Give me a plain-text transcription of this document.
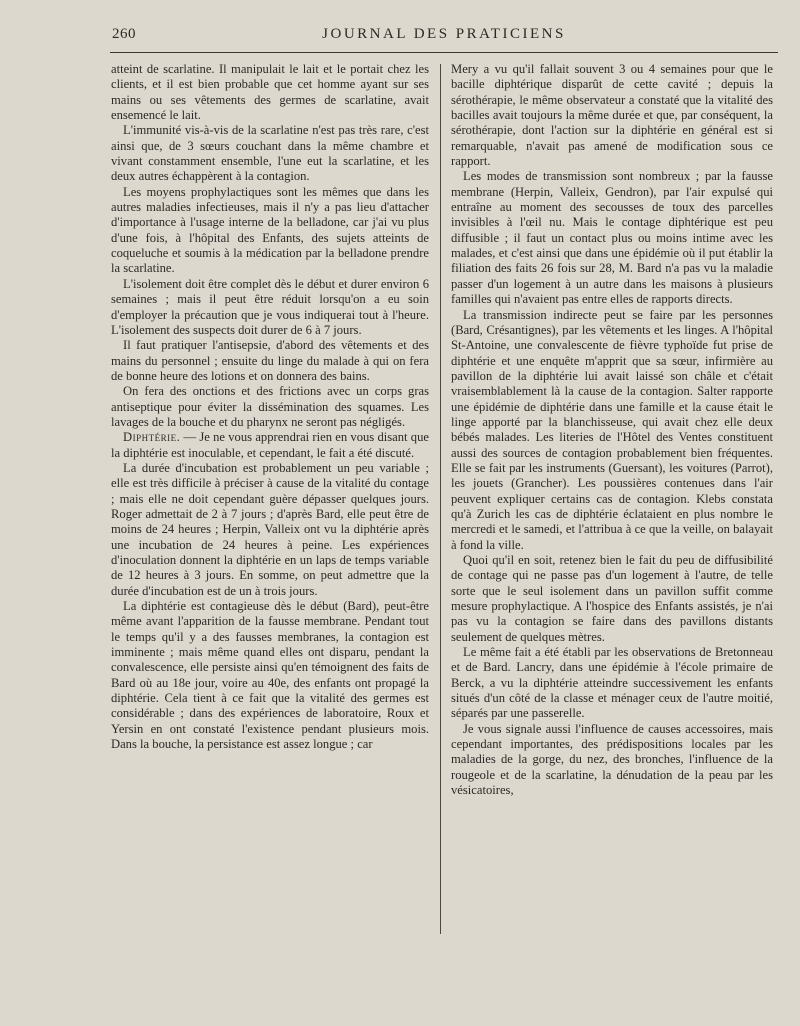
260	JOURNAL DES PRATICIENS

atteint de scarlatine. Il manipulait le lait et le portait chez les clients, et il est bien probable que cet homme ayant sur ses mains ou ses vêtements des germes de scarlatine, avait ensemencé le lait.

L'immunité vis-à-vis de la scarlatine n'est pas très rare, c'est ainsi que, de 3 sœurs couchant dans la même chambre et vivant constamment ensemble, l'une eut la scarlatine, et les deux autres échappèrent à la contagion.

Les moyens prophylactiques sont les mêmes que dans les autres maladies infectieuses, mais il n'y a pas lieu d'attacher d'importance à l'usage interne de la belladone, car j'ai vu plus d'une fois, à l'hôpital des Enfants, des sujets atteints de coqueluche et soumis à la médication par la belladone prendre la scarlatine.

L'isolement doit être complet dès le début et durer environ 6 semaines ; mais il peut être réduit lorsqu'on a eu soin d'employer la précaution que je vous indiquerai tout à l'heure. L'isolement des suspects doit durer de 6 à 7 jours.

Il faut pratiquer l'antisepsie, d'abord des vêtements et des mains du personnel ; ensuite du linge du malade à qui on fera de bonne heure des lotions et on donnera des bains.

On fera des onctions et des frictions avec un corps gras antiseptique pour éviter la dissémination des squames. Les lavages de la bouche et du pharynx ne seront pas négligés.

Diphtérie. — Je ne vous apprendrai rien en vous disant que la diphtérie est inoculable, et cependant, le fait a été discuté.

La durée d'incubation est probablement un peu variable ; elle est très difficile à préciser à cause de la vitalité du contage ; mais elle ne doit cependant guère dépasser quelques jours. Roger admettait de 2 à 7 jours ; d'après Bard, elle peut être de moins de 24 heures ; Herpin, Valleix ont vu la diphtérie après une incubation de 24 heures à peine. Les expériences d'inoculation donnent la diphtérie en un laps de temps variable de 12 heures à 3 jours. En somme, on peut admettre que la durée d'incubation est de un à trois jours.

La diphtérie est contagieuse dès le début (Bard), peut-être même avant l'apparition de la fausse membrane. Pendant tout le temps qu'il y a des fausses membranes, la contagion est imminente ; mais même quand elles ont disparu, pendant la convalescence, elle persiste ainsi qu'en témoignent des faits de Bard où au 18e jour, voire au 40e, des enfants ont propagé la diphtérie. Cela tient à ce fait que la vitalité des germes est considérable ; dans des expériences de laboratoire, Roux et Yersin en ont constaté l'existence pendant plusieurs mois. Dans la bouche, la persistance est assez longue ; car

Mery a vu qu'il fallait souvent 3 ou 4 semaines pour que le bacille diphtérique disparût de cette cavité ; depuis la sérothérapie, le même observateur a constaté que la vitalité des bacilles avait toujours la même durée et que, par conséquent, la sérothérapie, dont l'action sur la diphtérie en général est si remarquable, n'avait pas amené de modification sous ce rapport.

Les modes de transmission sont nombreux ; par la fausse membrane (Herpin, Valleix, Gendron), par l'air expulsé qui entraîne au moment des secousses de toux des parcelles invisibles à l'œil nu. Mais le contage diphtérique est peu diffusible ; il faut un contact plus ou moins intime avec les malades, et c'est ainsi que dans une épidémie où il put établir la filiation des faits 26 fois sur 28, M. Bard n'a pas vu la maladie passer d'un logement à un autre dans les maisons à plusieurs familles qui n'avaient pas entre elles de rapports directs.

La transmission indirecte peut se faire par les personnes (Bard, Crésantignes), par les vêtements et les linges. A l'hôpital St-Antoine, une convalescente de fièvre typhoïde fut prise de diphtérie et une enquête m'apprit que sa sœur, infirmière au pavillon de la diphtérie lui avait laissé son châle et c'était vraisemblablement là la cause de la contagion. Salter rapporte une épidémie de diphtérie dans une famille et la cause était le linge apporté par la blanchisseuse, qui avait chez elle deux bébés malades. Les literies de l'Hôtel des Ventes constituent aussi des sources de contagion probablement bien fréquentes. Elle se fait par les instruments (Guersant), les voitures (Parrot), les jouets (Grancher). Les poussières contenues dans l'air peuvent expliquer certains cas de contagion. Klebs constata qu'à Zurich les cas de diphtérie éclataient en plus nombre le mercredi et le samedi, et l'attribua à ce que la veille, on balayait à fond la ville.

Quoi qu'il en soit, retenez bien le fait du peu de diffusibilité de contage qui ne passe pas d'un logement à l'autre, de telle sorte que le seul isolement dans un pavillon suffit comme mesure prophylactique. A l'hospice des Enfants assistés, je n'ai pas vu la contagion se faire dans des pavillons distants seulement de quelques mètres.

Le même fait a été établi par les observations de Bretonneau et de Bard. Lancry, dans une épidémie à l'école primaire de Berck, a vu la diphtérie atteindre successivement les enfants situés d'un côté de la classe et ménager ceux de l'autre moitié, séparés par une passerelle.

Je vous signale aussi l'influence de causes accessoires, mais cependant importantes, des prédispositions locales par les maladies de la gorge, du nez, des bronches, l'influence de la rougeole et de la scarlatine, la dénudation de la peau par les vésicatoires,
